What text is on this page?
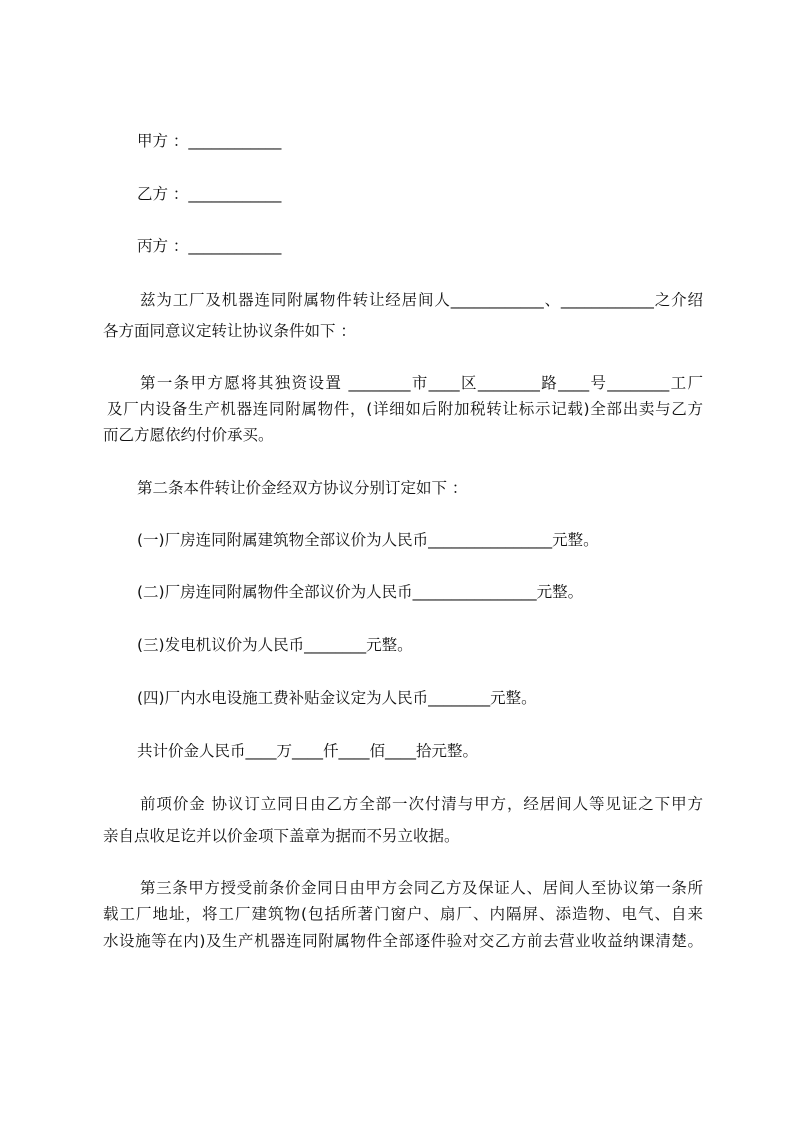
甲方 ：____________
乙方 ：____________
丙方 ：____________
兹为工厂及机器连同附属物件转让经居间人____________、____________之介绍
各方面同意议定转让协议条件如下 ：
第一条甲方愿将其独资设置 ________市____区________路____号________工厂
及厂内设备生产机器连同附属物件，(详细如后附加税转让标示记载)全部出卖与乙方
而乙方愿依约付价承买。
第二条本件转让价金经双方协议分别订定如下 ：
(一)厂房连同附属建筑物全部议价为人民币________________元整。
(二)厂房连同附属物件全部议价为人民币________________元整。
(三)发电机议价为人民币________元整。
(四)厂内水电设施工费补贴金议定为人民币________元整。
共计价金人民币____万____仟____佰____拾元整。
前项价金 协议订立同日由乙方全部一次付清与甲方，经居间人等见证之下甲方
亲自点收足讫并以价金项下盖章为据而不另立收据。
第三条甲方授受前条价金同日由甲方会同乙方及保证人、居间人至协议第一条所
载工厂地址，将工厂建筑物(包括所著门窗户、扇厂、内隔屏、添造物、电气、自来
水设施等在内)及生产机器连同附属物件全部逐件验对交乙方前去营业收益纳课清楚。
